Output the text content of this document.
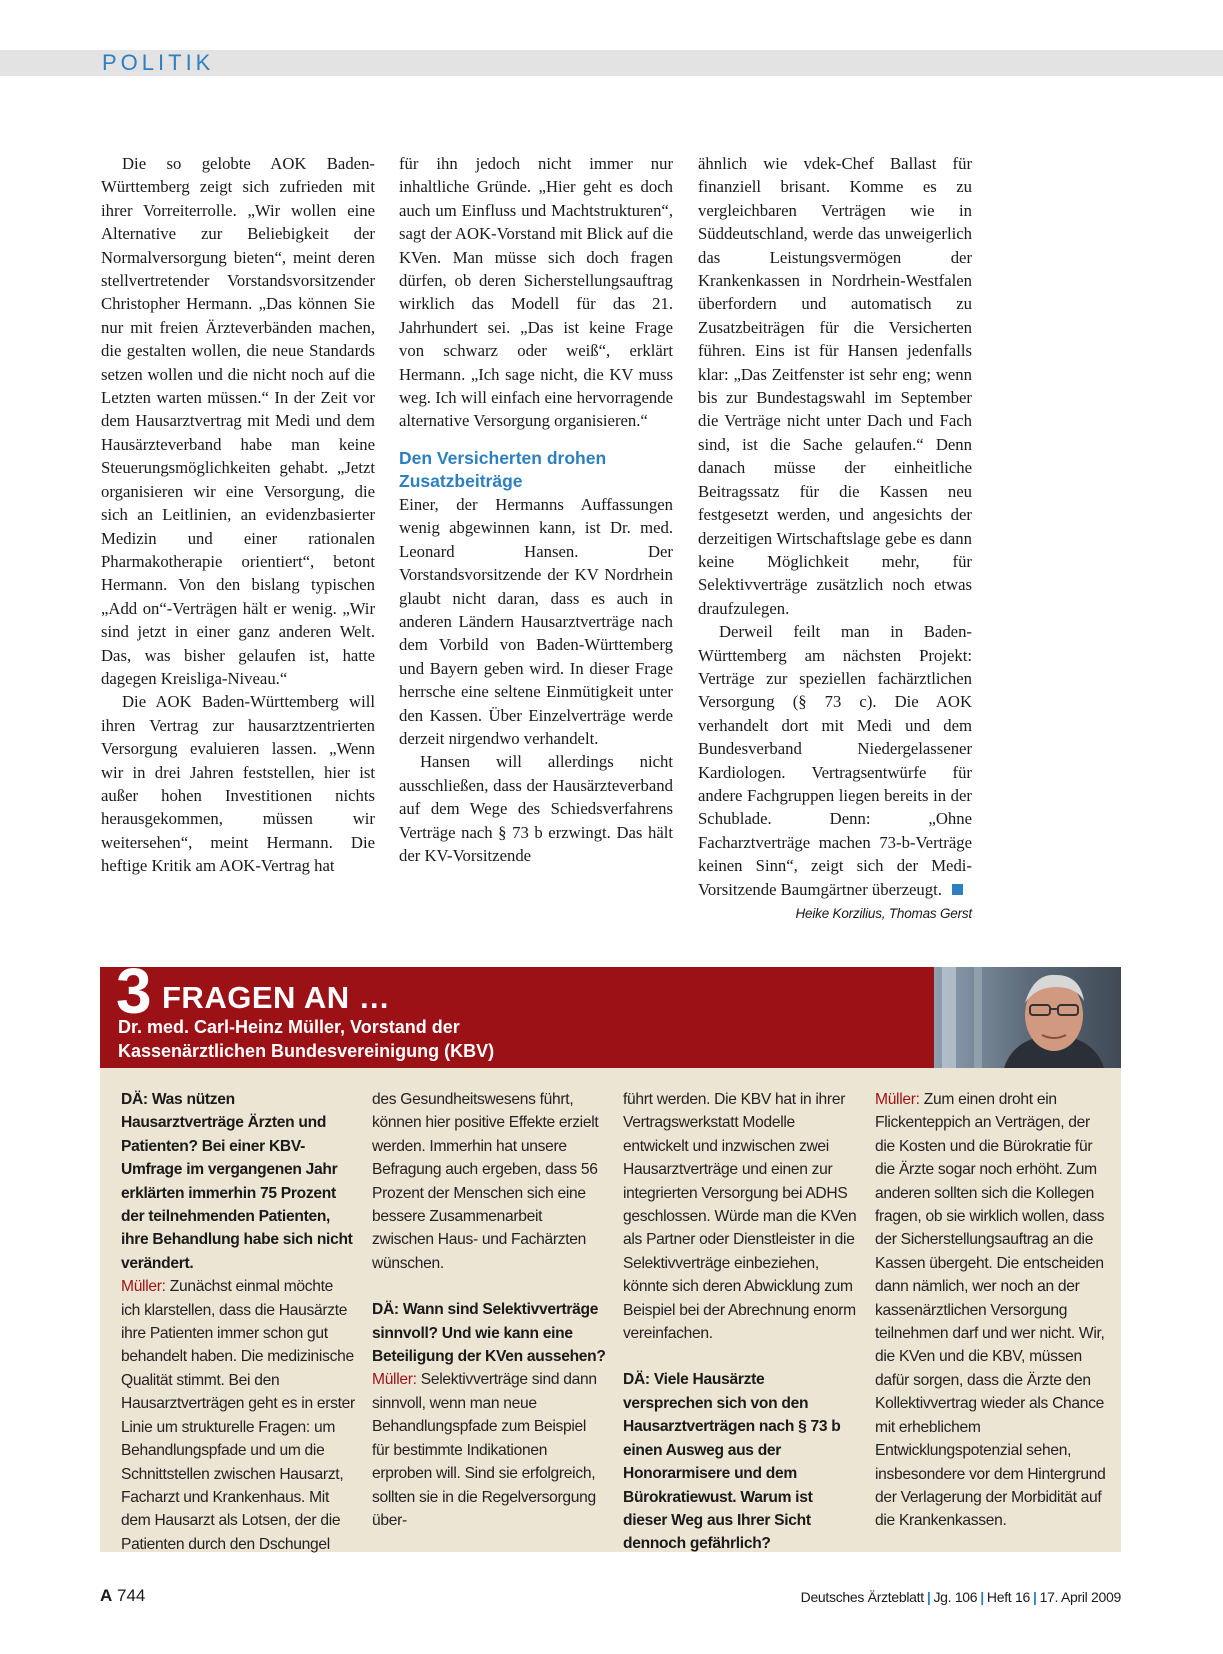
POLITIK

Die so gelobte AOK Baden-Württemberg zeigt sich zufrieden mit ihrer Vorreiterrolle. „Wir wollen eine Alternative zur Beliebigkeit der Normalversorgung bieten“, meint deren stellvertretender Vorstandsvorsitzender Christopher Hermann. „Das können Sie nur mit freien Ärzteverbänden machen, die gestalten wollen, die neue Standards setzen wollen und die nicht noch auf die Letzten warten müssen.“ In der Zeit vor dem Hausarztvertrag mit Medi und dem Hausärzteverband habe man keine Steuerungsmöglichkeiten gehabt. „Jetzt organisieren wir eine Versorgung, die sich an Leitlinien, an evidenzbasierter Medizin und einer rationalen Pharmakotherapie orientiert“, betont Hermann. Von den bislang typischen „Add on“-Verträgen hält er wenig. „Wir sind jetzt in einer ganz anderen Welt. Das, was bisher gelaufen ist, hatte dagegen Kreisliga-Niveau.“

Die AOK Baden-Württemberg will ihren Vertrag zur hausarztzentrierten Versorgung evaluieren lassen. „Wenn wir in drei Jahren feststellen, hier ist außer hohen Investitionen nichts herausgekommen, müssen wir weitersehen“, meint Hermann. Die heftige Kritik am AOK-Vertrag hat

für ihn jedoch nicht immer nur inhaltliche Gründe. „Hier geht es doch auch um Einfluss und Machtstrukturen“, sagt der AOK-Vorstand mit Blick auf die KVen. Man müsse sich doch fragen dürfen, ob deren Sicherstellungsauftrag wirklich das Modell für das 21. Jahrhundert sei. „Das ist keine Frage von schwarz oder weiß“, erklärt Hermann. „Ich sage nicht, die KV muss weg. Ich will einfach eine hervorragende alternative Versorgung organisieren.“

Den Versicherten drohen Zusatzbeiträge

Einer, der Hermanns Auffassungen wenig abgewinnen kann, ist Dr. med. Leonard Hansen. Der Vorstandsvorsitzende der KV Nordrhein glaubt nicht daran, dass es auch in anderen Ländern Hausarztverträge nach dem Vorbild von Baden-Württemberg und Bayern geben wird. In dieser Frage herrsche eine seltene Einmütigkeit unter den Kassen. Über Einzelverträge werde derzeit nirgendwo verhandelt.

Hansen will allerdings nicht ausschließen, dass der Hausärzteverband auf dem Wege des Schiedsverfahrens Verträge nach § 73 b erzwingt. Das hält der KV-Vorsitzende

ähnlich wie vdek-Chef Ballast für finanziell brisant. Komme es zu vergleichbaren Verträgen wie in Süddeutschland, werde das unweigerlich das Leistungsvermögen der Krankenkassen in Nordrhein-Westfalen überfordern und automatisch zu Zusatzbeiträgen für die Versicherten führen. Eins ist für Hansen jedenfalls klar: „Das Zeitfenster ist sehr eng; wenn bis zur Bundestagswahl im September die Verträge nicht unter Dach und Fach sind, ist die Sache gelaufen.“ Denn danach müsse der einheitliche Beitragssatz für die Kassen neu festgesetzt werden, und angesichts der derzeitigen Wirtschaftslage gebe es dann keine Möglichkeit mehr, für Selektivverträge zusätzlich noch etwas draufzulegen.

Derweil feilt man in Baden-Württemberg am nächsten Projekt: Verträge zur speziellen fachärztlichen Versorgung (§ 73 c). Die AOK verhandelt dort mit Medi und dem Bundesverband Niedergelassener Kardiologen. Vertragsentwürfe für andere Fachgruppen liegen bereits in der Schublade. Denn: „Ohne Facharztverträge machen 73-b-Verträge keinen Sinn“, zeigt sich der Medi-Vorsitzende Baumgärtner überzeugt.

Heike Korzilius, Thomas Gerst
3 FRAGEN AN …
Dr. med. Carl-Heinz Müller, Vorstand der
Kassenärztlichen Bundesvereinigung (KBV)

DÄ: Was nützen Hausarztverträge Ärzten und Patienten? Bei einer KBV-Umfrage im vergangenen Jahr erklärten immerhin 75 Prozent der teilnehmenden Patienten, ihre Behandlung habe sich nicht verändert.

Müller: Zunächst einmal möchte ich klarstellen, dass die Hausärzte ihre Patienten immer schon gut behandelt haben. Die medizinische Qualität stimmt. Bei den Hausarztverträgen geht es in erster Linie um strukturelle Fragen: um Behandlungspfade und um die Schnittstellen zwischen Hausarzt, Facharzt und Krankenhaus. Mit dem Hausarzt als Lotsen, der die Patienten durch den Dschungel

des Gesundheitswesens führt, können hier positive Effekte erzielt werden. Immerhin hat unsere Befragung auch ergeben, dass 56 Prozent der Menschen sich eine bessere Zusammenarbeit zwischen Haus- und Fachärzten wünschen.

DÄ: Wann sind Selektivverträge sinnvoll? Und wie kann eine Beteiligung der KVen aussehen?

Müller: Selektivverträge sind dann sinnvoll, wenn man neue Behandlungspfade zum Beispiel für bestimmte Indikationen erproben will. Sind sie erfolgreich, sollten sie in die Regelversorgung über-

führt werden. Die KBV hat in ihrer Vertragswerkstatt Modelle entwickelt und inzwischen zwei Hausarztverträge und einen zur integrierten Versorgung bei ADHS geschlossen. Würde man die KVen als Partner oder Dienstleister in die Selektivverträge einbeziehen, könnte sich deren Abwicklung zum Beispiel bei der Abrechnung enorm vereinfachen.

DÄ: Viele Hausärzte versprechen sich von den Hausarztverträgen nach § 73 b einen Ausweg aus der Honorarmisere und dem Bürokratiewust. Warum ist dieser Weg aus Ihrer Sicht dennoch gefährlich?

Müller: Zum einen droht ein Flickenteppich an Verträgen, der die Kosten und die Bürokratie für die Ärzte sogar noch erhöht. Zum anderen sollten sich die Kollegen fragen, ob sie wirklich wollen, dass der Sicherstellungsauftrag an die Kassen übergeht. Die entscheiden dann nämlich, wer noch an der kassenärztlichen Versorgung teilnehmen darf und wer nicht. Wir, die KVen und die KBV, müssen dafür sorgen, dass die Ärzte den Kollektivvertrag wieder als Chance mit erheblichem Entwicklungspotenzial sehen, insbesondere vor dem Hintergrund der Verlagerung der Morbidität auf die Krankenkassen.

A 744	Deutsches Ärzteblatt | Jg. 106 | Heft 16 | 17. April 2009
